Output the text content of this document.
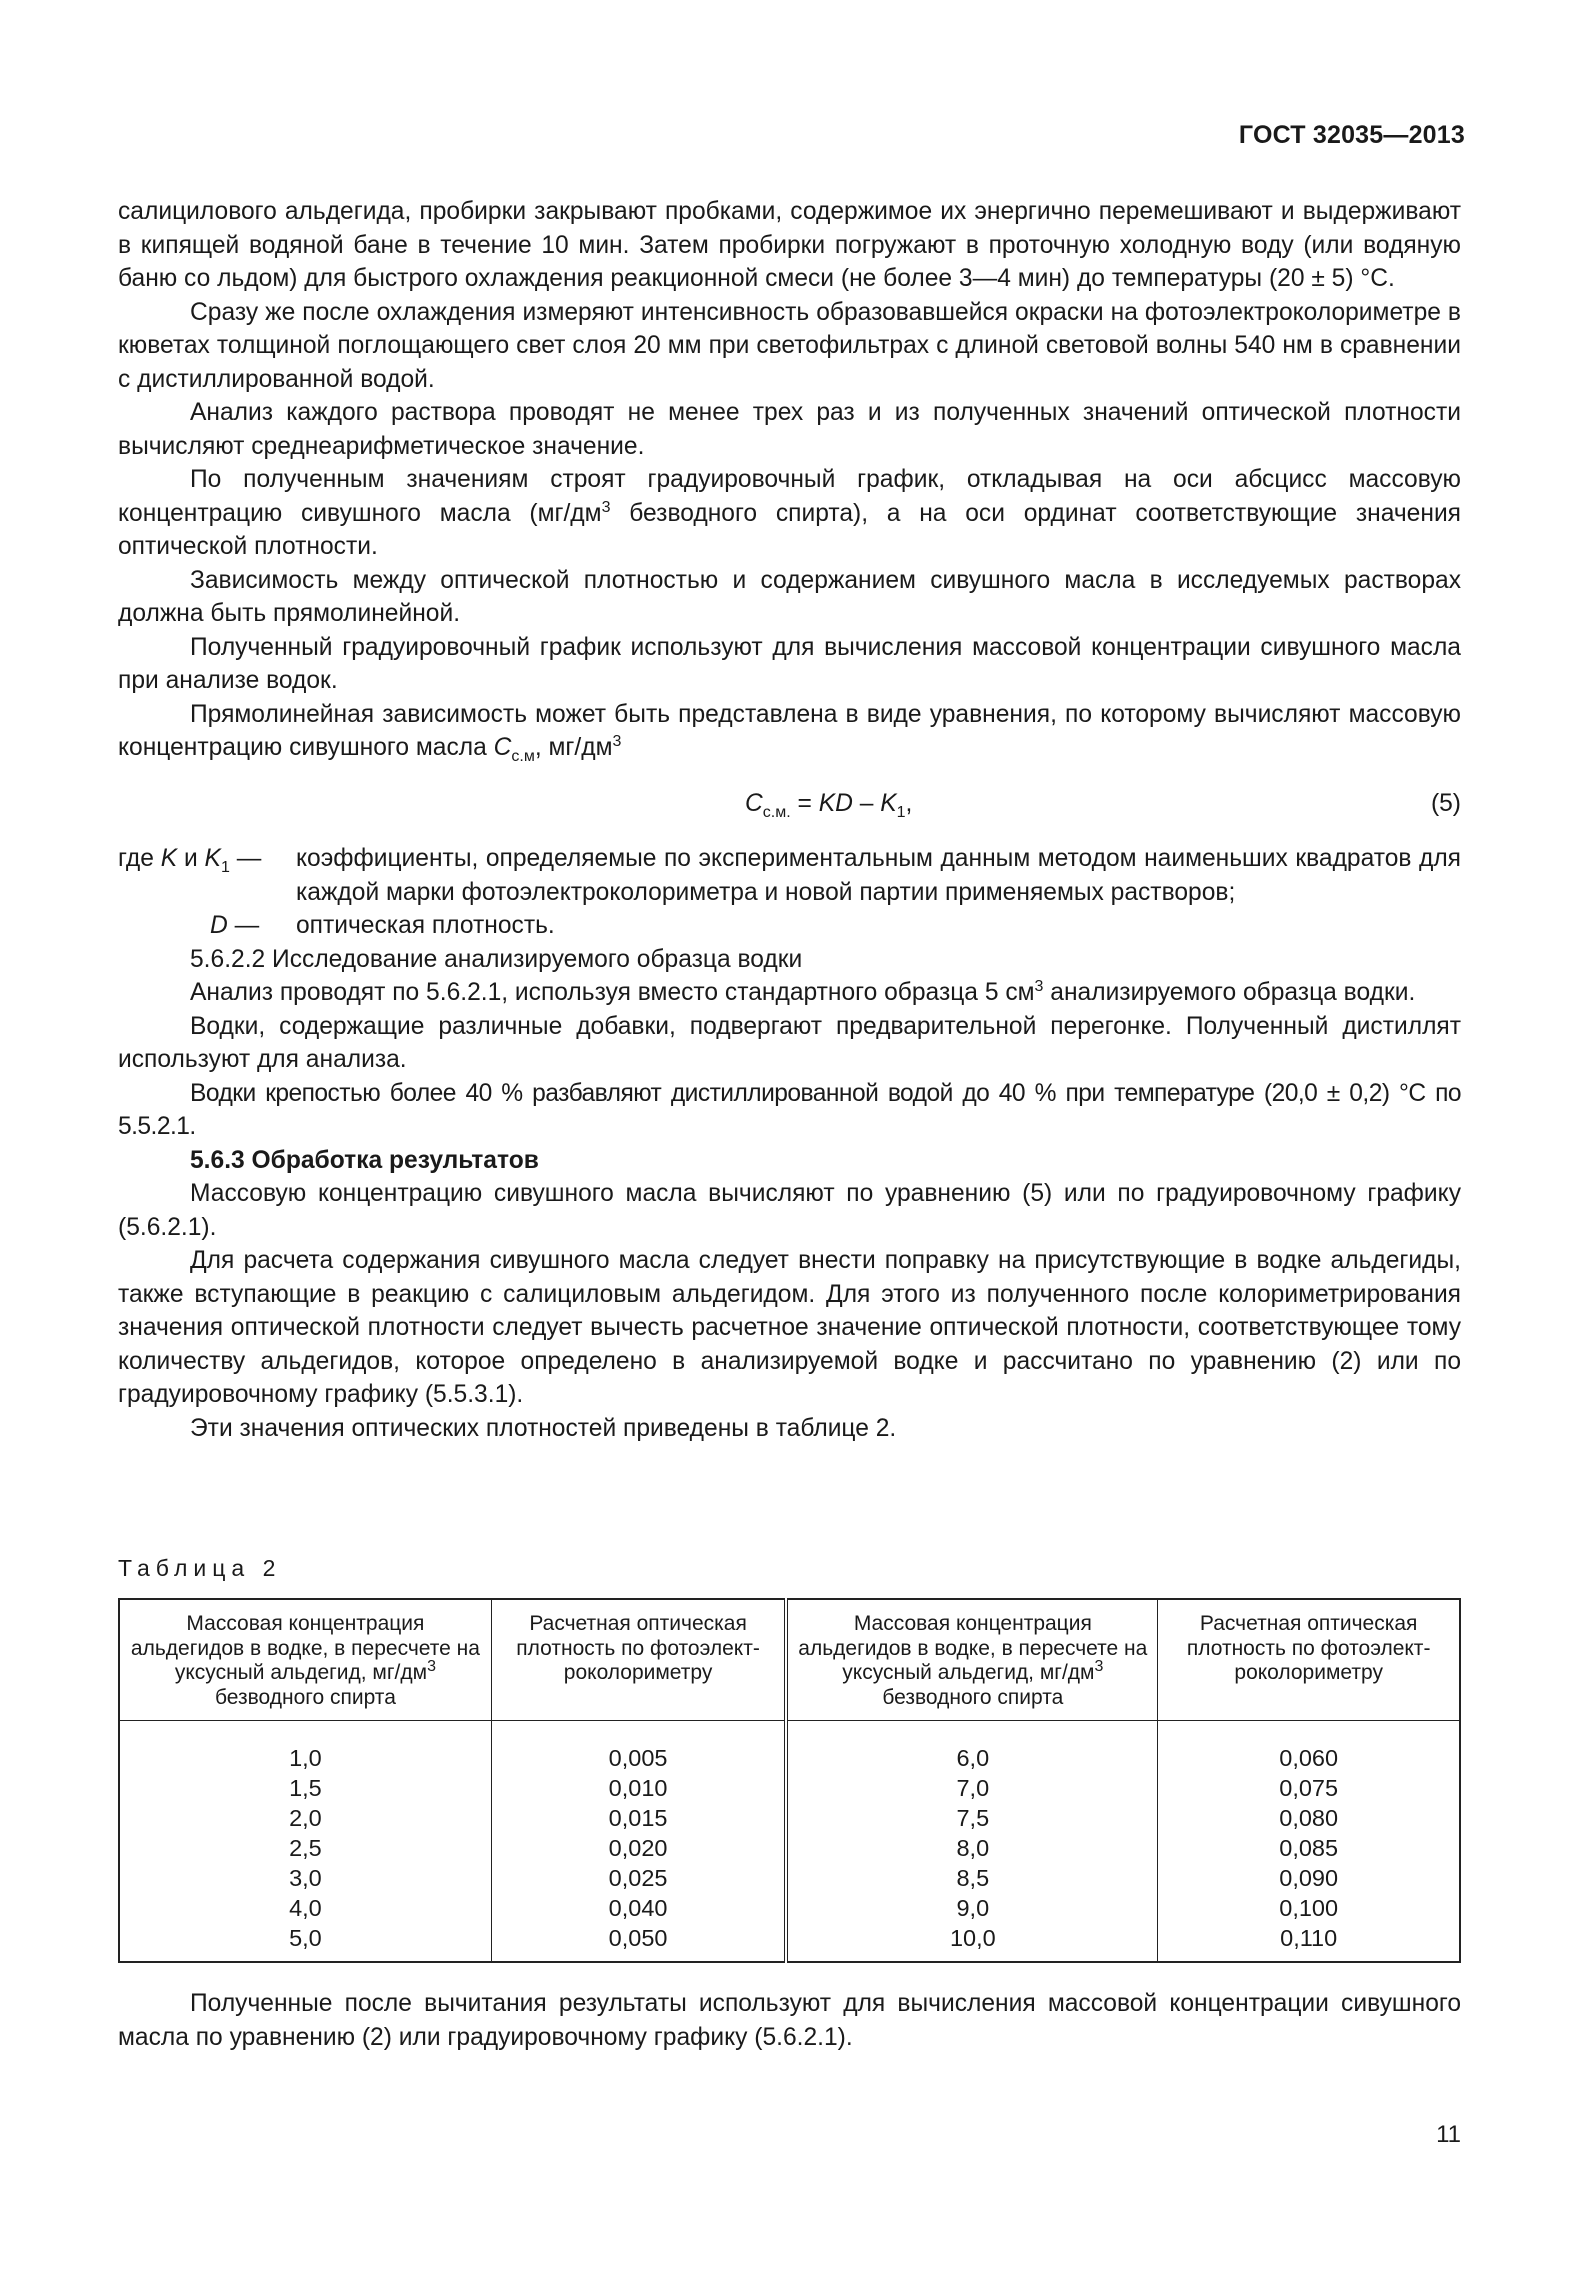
ГОСТ 32035—2013

салицилового альдегида, пробирки закрывают пробками, содержимое их энергично перемешивают и выдерживают в кипящей водяной бане в течение 10 мин. Затем пробирки погружают в проточную холодную воду (или водяную баню со льдом) для быстрого охлаждения реакционной смеси (не более 3—4 мин) до температуры (20 ± 5) °С.

Сразу же после охлаждения измеряют интенсивность образовавшейся окраски на фотоэлектроколориметре в кюветах толщиной поглощающего свет слоя 20 мм при светофильтрах с длиной световой волны 540 нм в сравнении с дистиллированной водой.

Анализ каждого раствора проводят не менее трех раз и из полученных значений оптической плотности вычисляют среднеарифметическое значение.

По полученным значениям строят градуировочный график, откладывая на оси абсцисс массовую концентрацию сивушного масла ($мг/дм^3$ безводного спирта), а на оси ординат соответствующие значения оптической плотности.

Зависимость между оптической плотностью и содержанием сивушного масла в исследуемых растворах должна быть прямолинейной.

Полученный градуировочный график используют для вычисления массовой концентрации сивушного масла при анализе водок.

Прямолинейная зависимость может быть представлена в виде уравнения, по которому вычисляют массовую концентрацию сивушного масла $C_{с.м}$, $мг/дм^3$

$C_{с.м.}$ = KD – $K_1$,	(5)
где K и $K_1$ —	коэффициенты, определяемые по экспериментальным данным методом наименьших квадратов для каждой марки фотоэлектроколориметра и новой партии применяемых растворов;
D —	оптическая плотность.

5.6.2.2 Исследование анализируемого образца водки

Анализ проводят по 5.6.2.1, используя вместо стандартного образца 5 $см^3$ анализируемого образца водки.

Водки, содержащие различные добавки, подвергают предварительной перегонке. Полученный дистиллят используют для анализа.

Водки крепостью более 40 % разбавляют дистиллированной водой до 40 % при температуре (20,0 ± 0,2) °С по 5.5.2.1.

5.6.3 Обработка результатов

Массовую концентрацию сивушного масла вычисляют по уравнению (5) или по градуировочному графику (5.6.2.1).

Для расчета содержания сивушного масла следует внести поправку на присутствующие в водке альдегиды, также вступающие в реакцию с салициловым альдегидом. Для этого из полученного после колориметрирования значения оптической плотности следует вычесть расчетное значение оптической плотности, соответствующее тому количеству альдегидов, которое определено в анализируемой водке и рассчитано по уравнению (2) или по градуировочному графику (5.5.3.1).

Эти значения оптических плотностей приведены в таблице 2.

Таблица 2
Массовая концентрация альдегидов в водке, в пересчете на уксусный альдегид, $мг/дм^3$ безводного спирта	Расчетная оптическая плотность по фотоэлектроколориметру	Массовая концентрация альдегидов в водке, в пересчете на уксусный альдегид, $мг/дм^3$ безводного спирта	Расчетная оптическая плотность по фотоэлектроколориметру
1,0	0,005	6,0	0,060
1,5	0,010	7,0	0,075
2,0	0,015	7,5	0,080
2,5	0,020	8,0	0,085
3,0	0,025	8,5	0,090
4,0	0,040	9,0	0,100
5,0	0,050	10,0	0,110

Полученные после вычитания результаты используют для вычисления массовой концентрации сивушного масла по уравнению (2) или градуировочному графику (5.6.2.1).

11
